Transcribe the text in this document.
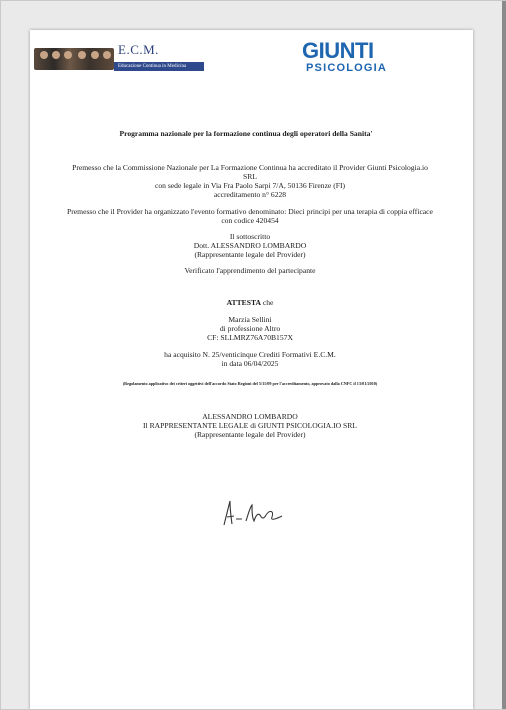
E.C.M.
Educazione Continua in Medicina
GIUNTI
PSICOLOGIA
Programma nazionale per la formazione continua degli operatori della Sanita'
Premesso che la Commissione Nazionale per La Formazione Continua ha accreditato il Provider Giunti Psicologia.io
SRL
con sede legale in Via Fra Paolo Sarpi 7/A, 50136 Firenze (FI)
accreditamento n° 6228
Premesso che il Provider ha organizzato l'evento formativo denominato: Dieci principi per una terapia di coppia efficace
con codice 420454
Il sottoscritto
Dott. ALESSANDRO LOMBARDO
(Rappresentante legale del Provider)
Verificato l'apprendimento del partecipante
ATTESTA che
Marzia Sellini
di professione Altro
CF: SLLMRZ76A70B157X
ha acquisito N. 25/venticinque Crediti Formativi E.C.M.
in data 06/04/2025
(Regolamento applicativo dei criteri oggettivi dell'accordo Stato Regioni del 5/11/09 per l'accreditamento, approvato dalla CNFC il 13/01/2010)
ALESSANDRO LOMBARDO
Il RAPPRESENTANTE LEGALE di GIUNTI PSICOLOGIA.IO SRL
(Rappresentante legale del Provider)
